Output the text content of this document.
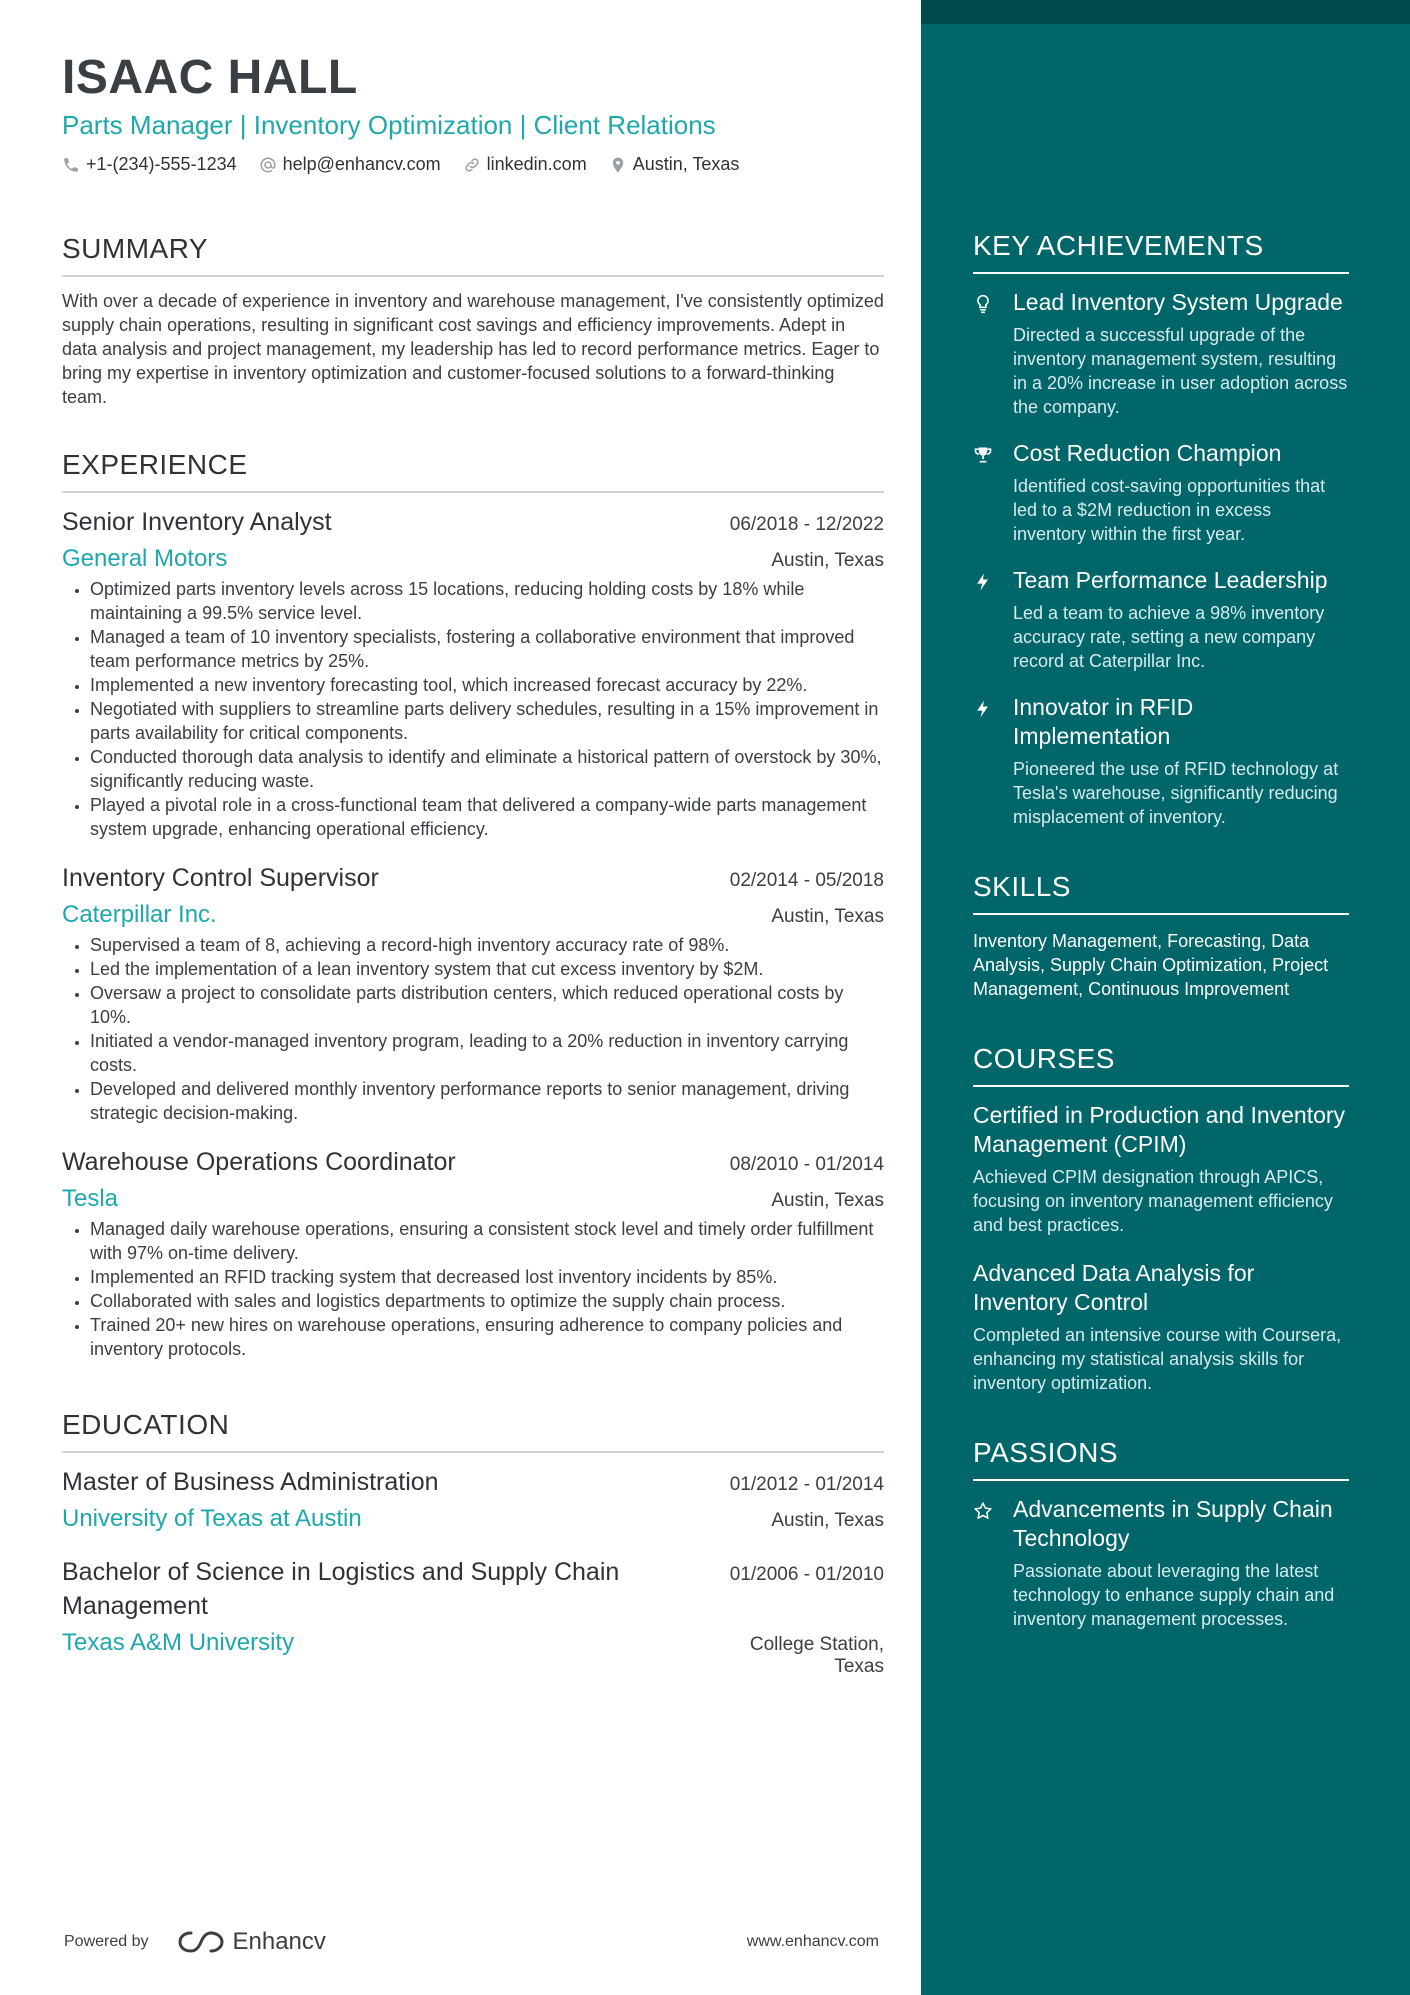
ISAAC HALL
Parts Manager | Inventory Optimization | Client Relations
+1-(234)-555-1234	help@enhancv.com	linkedin.com	Austin, Texas
SUMMARY
With over a decade of experience in inventory and warehouse management, I've consistently optimized supply chain operations, resulting in significant cost savings and efficiency improvements. Adept in data analysis and project management, my leadership has led to record performance metrics. Eager to bring my expertise in inventory optimization and customer-focused solutions to a forward-thinking team.
EXPERIENCE
Senior Inventory Analyst	06/2018 - 12/2022
General Motors	Austin, Texas
• Optimized parts inventory levels across 15 locations, reducing holding costs by 18% while maintaining a 99.5% service level.
• Managed a team of 10 inventory specialists, fostering a collaborative environment that improved team performance metrics by 25%.
• Implemented a new inventory forecasting tool, which increased forecast accuracy by 22%.
• Negotiated with suppliers to streamline parts delivery schedules, resulting in a 15% improvement in parts availability for critical components.
• Conducted thorough data analysis to identify and eliminate a historical pattern of overstock by 30%, significantly reducing waste.
• Played a pivotal role in a cross-functional team that delivered a company-wide parts management system upgrade, enhancing operational efficiency.
Inventory Control Supervisor	02/2014 - 05/2018
Caterpillar Inc.	Austin, Texas
• Supervised a team of 8, achieving a record-high inventory accuracy rate of 98%.
• Led the implementation of a lean inventory system that cut excess inventory by $2M.
• Oversaw a project to consolidate parts distribution centers, which reduced operational costs by 10%.
• Initiated a vendor-managed inventory program, leading to a 20% reduction in inventory carrying costs.
• Developed and delivered monthly inventory performance reports to senior management, driving strategic decision-making.
Warehouse Operations Coordinator	08/2010 - 01/2014
Tesla	Austin, Texas
• Managed daily warehouse operations, ensuring a consistent stock level and timely order fulfillment with 97% on-time delivery.
• Implemented an RFID tracking system that decreased lost inventory incidents by 85%.
• Collaborated with sales and logistics departments to optimize the supply chain process.
• Trained 20+ new hires on warehouse operations, ensuring adherence to company policies and inventory protocols.
EDUCATION
Master of Business Administration	01/2012 - 01/2014
University of Texas at Austin	Austin, Texas
Bachelor of Science in Logistics and Supply Chain Management
01/2006 - 01/2010
Texas A&M University	College Station, Texas
Powered by	Enhancv	www.enhancv.com
KEY ACHIEVEMENTS
Lead Inventory System Upgrade
Directed a successful upgrade of the inventory management system, resulting in a 20% increase in user adoption across the company.
Cost Reduction Champion
Identified cost-saving opportunities that led to a $2M reduction in excess inventory within the first year.
Team Performance Leadership
Led a team to achieve a 98% inventory accuracy rate, setting a new company record at Caterpillar Inc.
Innovator in RFID Implementation
Pioneered the use of RFID technology at Tesla's warehouse, significantly reducing misplacement of inventory.
SKILLS
Inventory Management, Forecasting, Data Analysis, Supply Chain Optimization, Project Management, Continuous Improvement
COURSES
Certified in Production and Inventory Management (CPIM)
Achieved CPIM designation through APICS, focusing on inventory management efficiency and best practices.
Advanced Data Analysis for Inventory Control
Completed an intensive course with Coursera, enhancing my statistical analysis skills for inventory optimization.
PASSIONS
Advancements in Supply Chain Technology
Passionate about leveraging the latest technology to enhance supply chain and inventory management processes.
